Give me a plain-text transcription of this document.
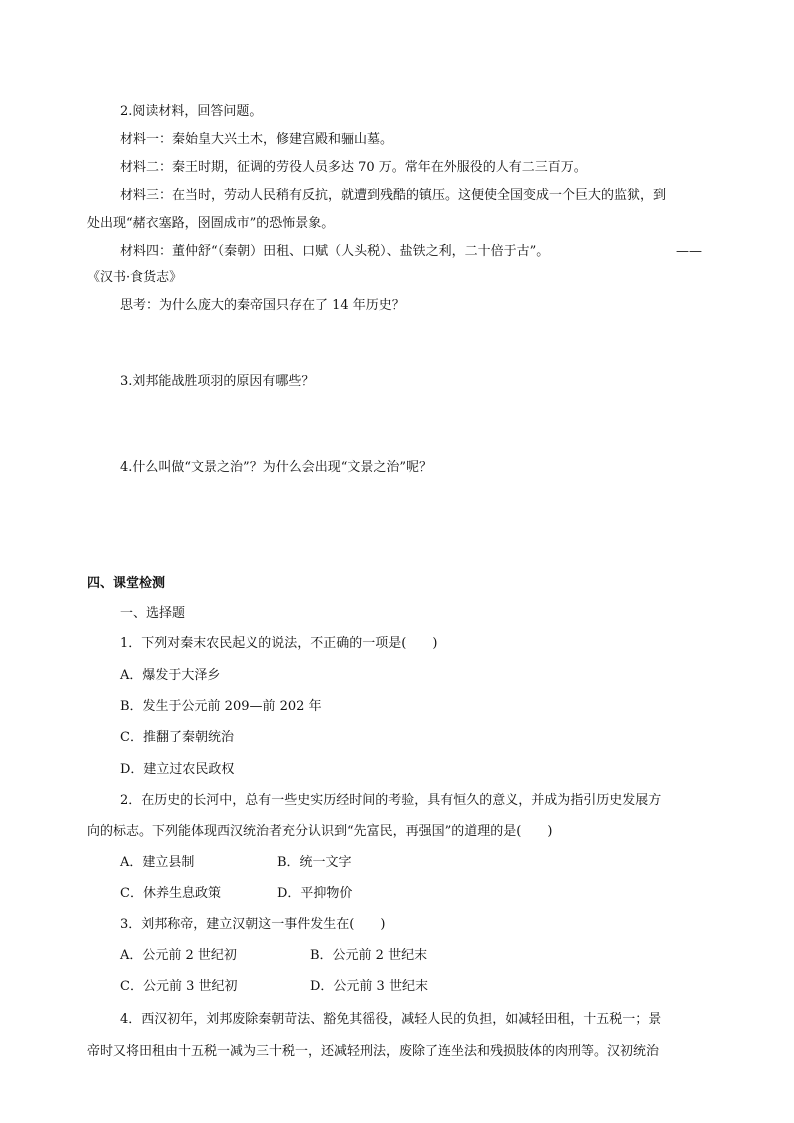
2.阅读材料，回答问题。
材料一：秦始皇大兴土木，修建宫殿和骊山墓。
材料二：秦王时期，征调的劳役人员多达 70 万。常年在外服役的人有二三百万。
材料三：在当时，劳动人民稍有反抗，就遭到残酷的镇压。这便使全国变成一个巨大的监狱，到
处出现“赭衣塞路，囹圄成市”的恐怖景象。
材料四：董仲舒“（秦朝）田租、口赋（人头税）、盐铁之利，二十倍于古”。	——
《汉书·食货志》
思考：为什么庞大的秦帝国只存在了 14 年历史？
3.刘邦能战胜项羽的原因有哪些？
4.什么叫做“文景之治”？为什么会出现“文景之治”呢？
四、课堂检测
一、选择题
1．下列对秦末农民起义的说法，不正确的一项是(　　)
A．爆发于大泽乡
B．发生于公元前 209—前 202 年
C．推翻了秦朝统治
D．建立过农民政权
2．在历史的长河中，总有一些史实历经时间的考验，具有恒久的意义，并成为指引历史发展方
向的标志。下列能体现西汉统治者充分认识到“先富民，再强国”的道理的是(　　)
A．建立县制	B．统一文字
C．休养生息政策	D．平抑物价
3．刘邦称帝，建立汉朝这一事件发生在(　　)
A．公元前 2 世纪初	B．公元前 2 世纪末
C．公元前 3 世纪初	D．公元前 3 世纪末
4．西汉初年，刘邦废除秦朝苛法、豁免其徭役，减轻人民的负担，如减轻田租，十五税一；景
帝时又将田租由十五税一减为三十税一，还减轻刑法，废除了连坐法和残损肢体的肉刑等。汉初统治
